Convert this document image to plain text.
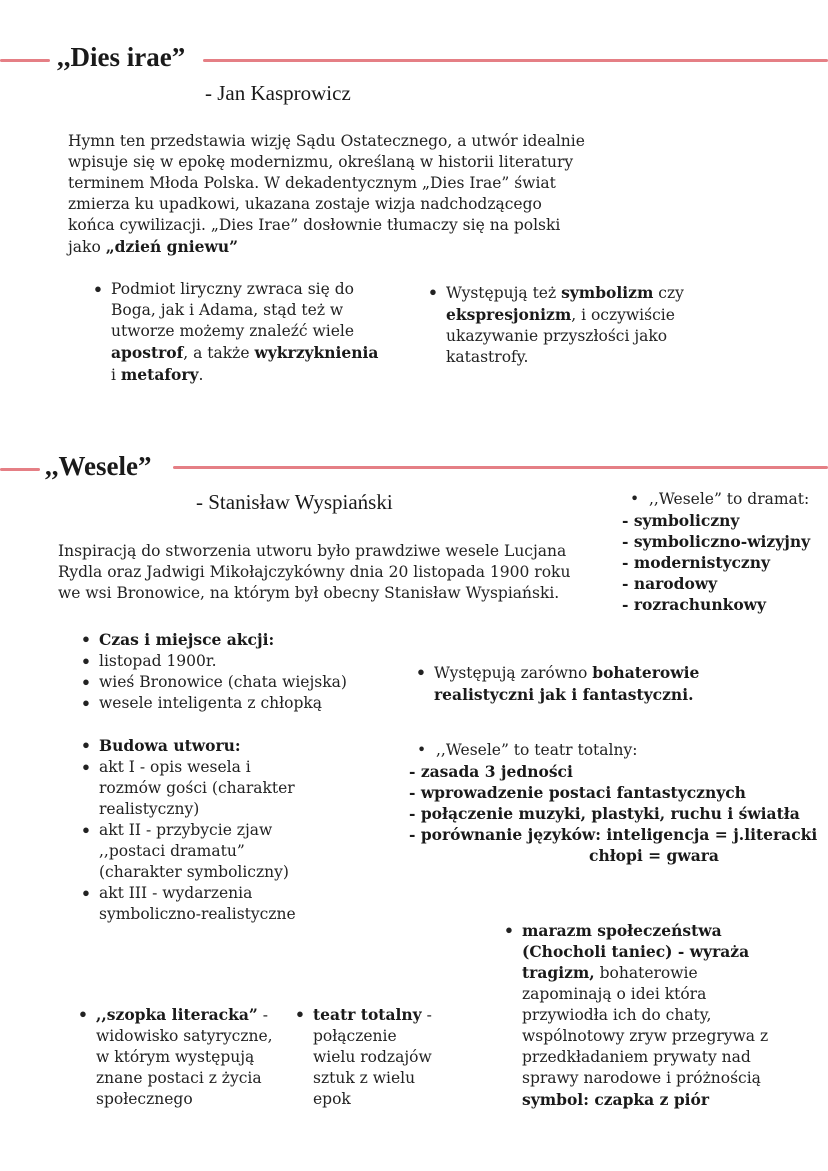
,,Dies irae”
- Jan Kasprowicz
Hymn ten przedstawia wizję Sądu Ostatecznego, a utwór idealnie
wpisuje się w epokę modernizmu, określaną w historii literatury
terminem Młoda Polska. W dekadentycznym „Dies Irae” świat
zmierza ku upadkowi, ukazana zostaje wizja nadchodzącego
końca cywilizacji. „Dies Irae” dosłownie tłumaczy się na polski
jako „dzień gniewu”
• Podmiot liryczny zwraca się do
Boga, jak i Adama, stąd też w
utworze możemy znaleźć wiele
apostrof, a także wykrzyknienia
i metafory.
• Występują też symbolizm czy
ekspresjonizm, i oczywiście
ukazywanie przyszłości jako
katastrofy.
,,Wesele”
- Stanisław Wyspiański
Inspiracją do stworzenia utworu było prawdziwe wesele Lucjana
Rydla oraz Jadwigi Mikołajczykówny dnia 20 listopada 1900 roku
we wsi Bronowice, na którym był obecny Stanisław Wyspiański.
•  ,,Wesele” to dramat:
- symboliczny
- symboliczno-wizyjny
- modernistyczny
- narodowy
- rozrachunkowy
• Czas i miejsce akcji:
• listopad 1900r.
• wieś Bronowice (chata wiejska)
• wesele inteligenta z chłopką
• Występują zarówno bohaterowie
realistyczni jak i fantastyczni.
• Budowa utworu:
• akt I - opis wesela i
rozmów gości (charakter
realistyczny)
• akt II - przybycie zjaw
,,postaci dramatu”
(charakter symboliczny)
• akt III - wydarzenia
symboliczno-realistyczne
•  ,,Wesele” to teatr totalny:
- zasada 3 jedności
- wprowadzenie postaci fantastycznych
- połączenie muzyki, plastyki, ruchu i światła
- porównanie języków: inteligencja = j.literacki
chłopi = gwara
• marazm społeczeństwa
(Chocholi taniec) - wyraża
tragizm, bohaterowie
zapominają o idei która
przywiodła ich do chaty,
wspólnotowy zryw przegrywa z
przedkładaniem prywaty nad
sprawy narodowe i próżnością
symbol: czapka z piór
• ,,szopka literacka” -
widowisko satyryczne,
w którym występują
znane postaci z życia
społecznego
• teatr totalny -
połączenie
wielu rodzajów
sztuk z wielu
epok
